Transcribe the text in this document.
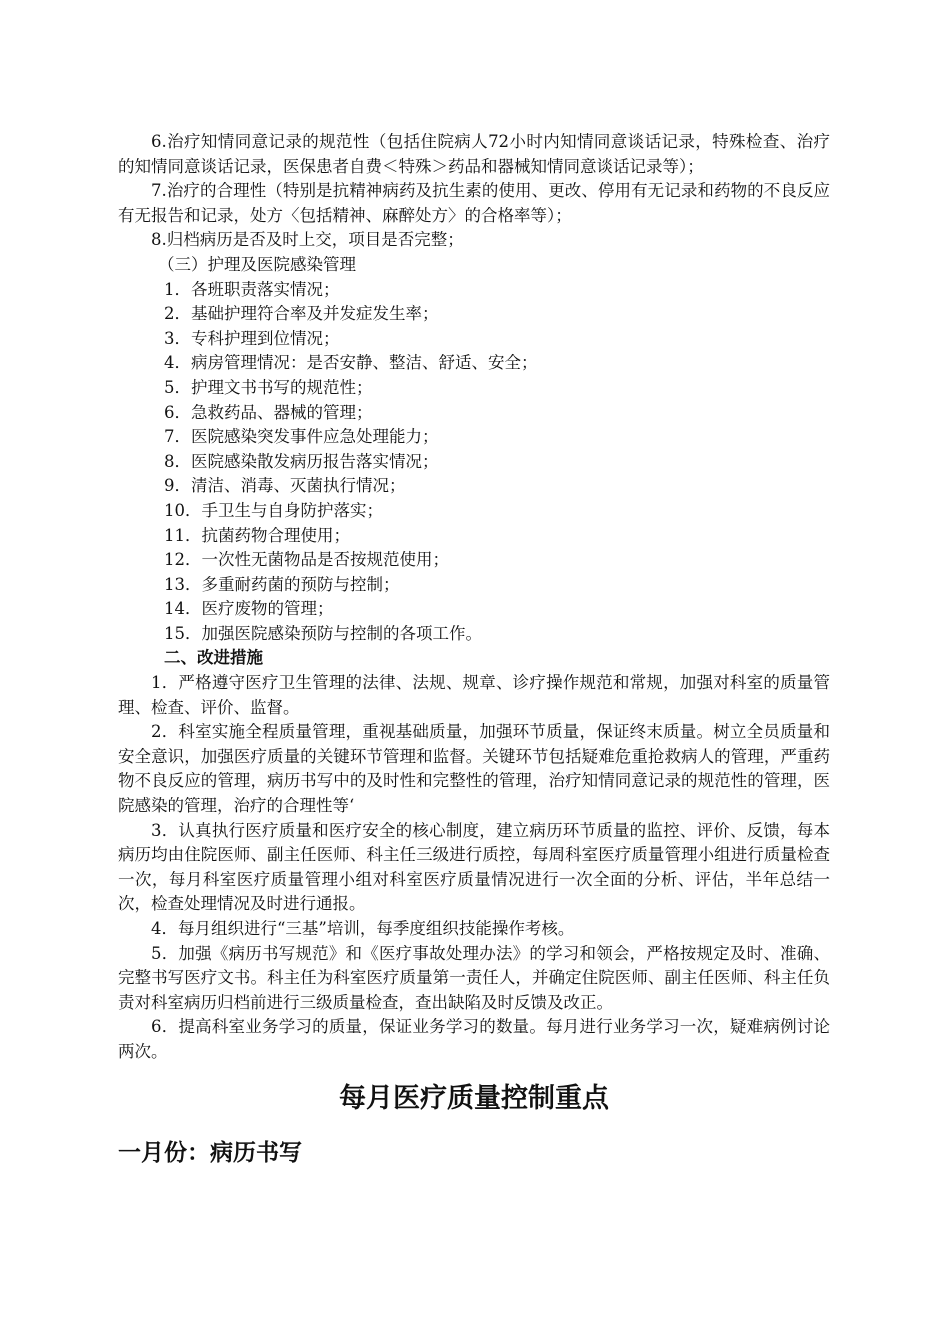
6.治疗知情同意记录的规范性（包括住院病人72小时内知情同意谈话记录，特殊检查、治疗的知情同意谈话记录，医保患者自费＜特殊＞药品和器械知情同意谈话记录等）；

7.治疗的合理性（特别是抗精神病药及抗生素的使用、更改、停用有无记录和药物的不良反应有无报告和记录，处方〈包括精神、麻醉处方〉的合格率等）；

8.归档病历是否及时上交，项目是否完整；

（三）护理及医院感染管理

1．各班职责落实情况；

2．基础护理符合率及并发症发生率；

3．专科护理到位情况；

4．病房管理情况：是否安静、整洁、舒适、安全；

5．护理文书书写的规范性；

6．急救药品、器械的管理；

7．医院感染突发事件应急处理能力；

8．医院感染散发病历报告落实情况；

9．清洁、消毒、灭菌执行情况；

10．手卫生与自身防护落实；

11．抗菌药物合理使用；

12．一次性无菌物品是否按规范使用；

13．多重耐药菌的预防与控制；

14．医疗废物的管理；

15．加强医院感染预防与控制的各项工作。

二、改进措施

1．严格遵守医疗卫生管理的法律、法规、规章、诊疗操作规范和常规，加强对科室的质量管理、检查、评价、监督。

2．科室实施全程质量管理，重视基础质量，加强环节质量，保证终末质量。树立全员质量和安全意识，加强医疗质量的关键环节管理和监督。关键环节包括疑难危重抢救病人的管理，严重药物不良反应的管理，病历书写中的及时性和完整性的管理，治疗知情同意记录的规范性的管理，医院感染的管理，治疗的合理性等‘

3．认真执行医疗质量和医疗安全的核心制度，建立病历环节质量的监控、评价、反馈，每本病历均由住院医师、副主任医师、科主任三级进行质控，每周科室医疗质量管理小组进行质量检查一次，每月科室医疗质量管理小组对科室医疗质量情况进行一次全面的分析、评估，半年总结一次，检查处理情况及时进行通报。

4．每月组织进行“三基”培训，每季度组织技能操作考核。

5．加强《病历书写规范》和《医疗事故处理办法》的学习和领会，严格按规定及时、准确、完整书写医疗文书。科主任为科室医疗质量第一责任人，并确定住院医师、副主任医师、科主任负责对科室病历归档前进行三级质量检查，查出缺陷及时反馈及改正。

6．提高科室业务学习的质量，保证业务学习的数量。每月进行业务学习一次，疑难病例讨论两次。

每月医疗质量控制重点
一月份：病历书写
